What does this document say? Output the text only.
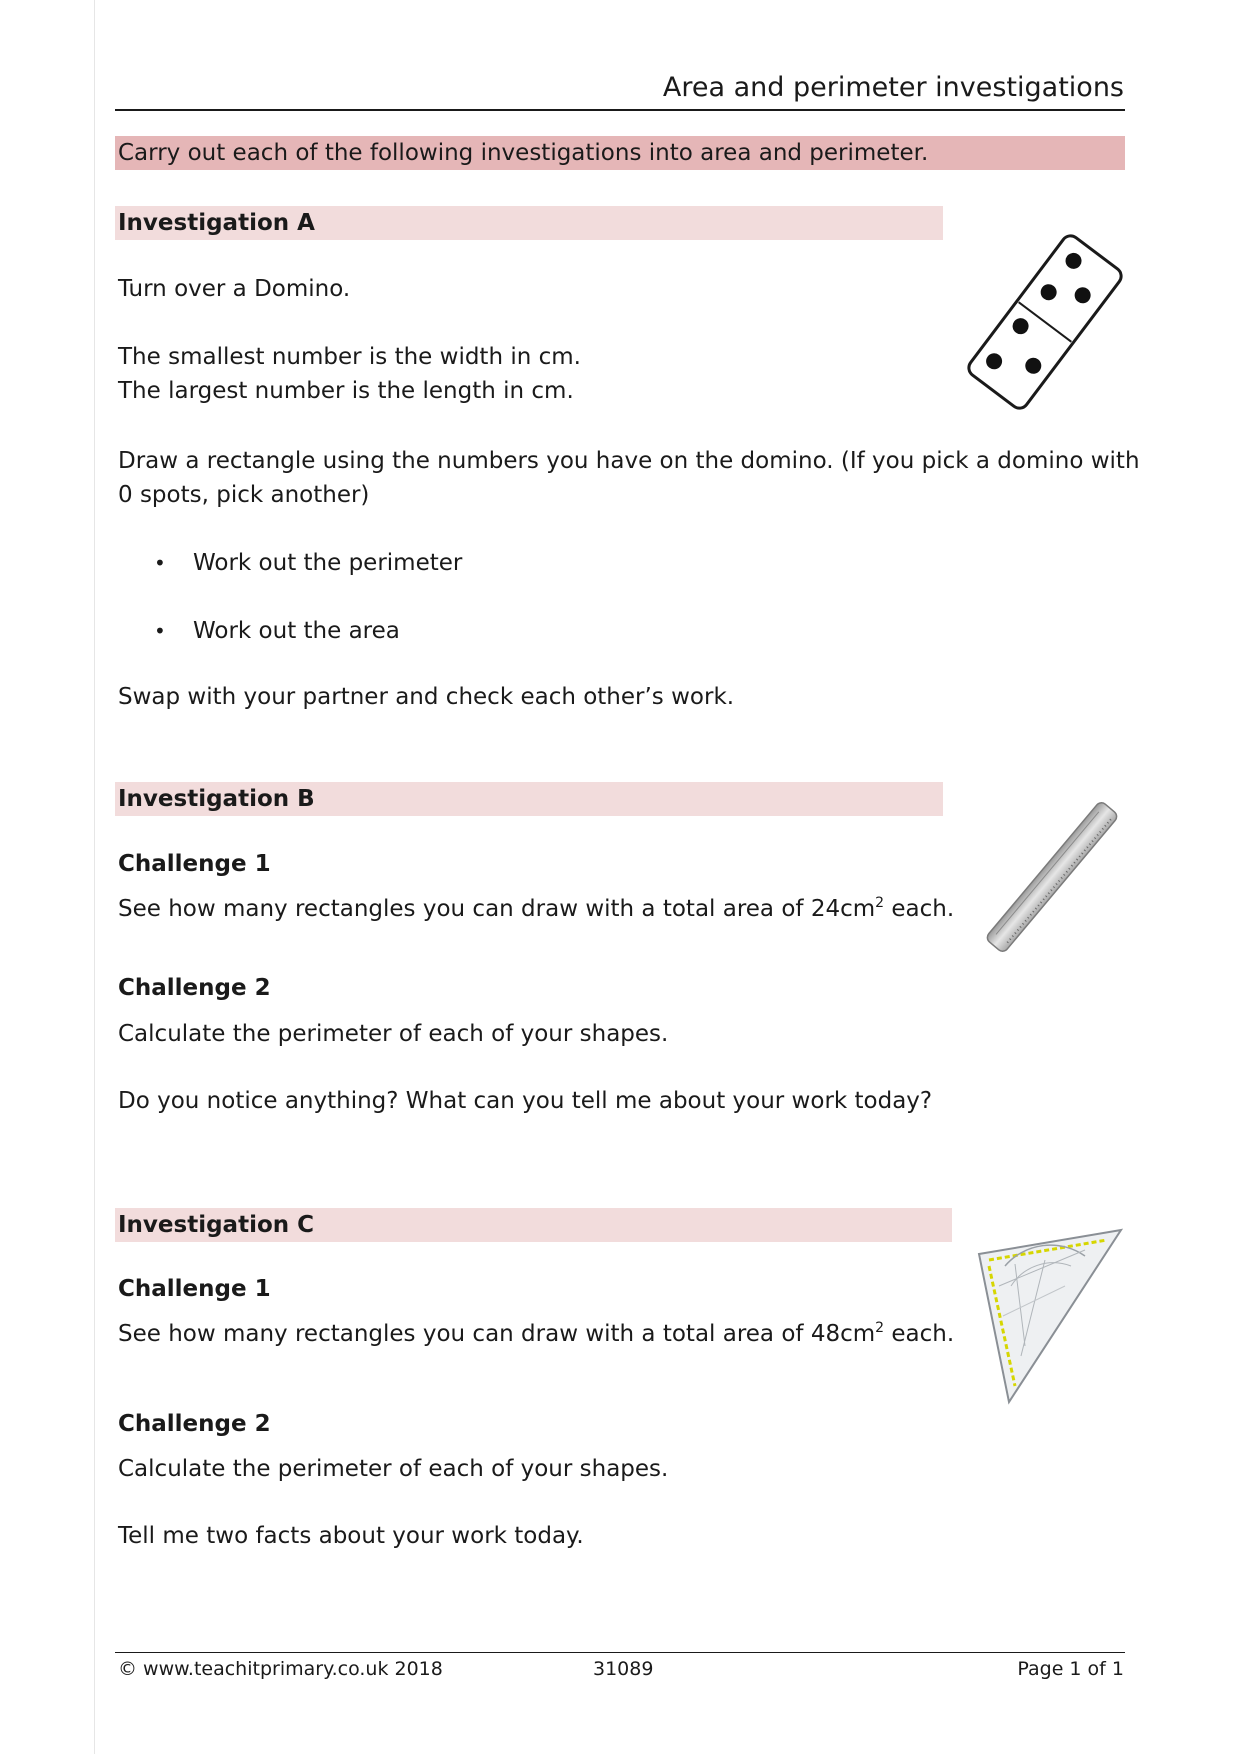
Area and perimeter investigations
Carry out each of the following investigations into area and perimeter.
Investigation A
Turn over a Domino.
The smallest number is the width in cm.
The largest number is the length in cm.
Draw a rectangle using the numbers you have on the domino. (If you pick a domino with
0 spots, pick another)
• Work out the perimeter
• Work out the area
Swap with your partner and check each other’s work.
Investigation B
Challenge 1
See how many rectangles you can draw with a total area of $24cm^2$ each.
Challenge 2
Calculate the perimeter of each of your shapes.
Do you notice anything? What can you tell me about your work today?
Investigation C
Challenge 1
See how many rectangles you can draw with a total area of $48cm^2$ each.
Challenge 2
Calculate the perimeter of each of your shapes.
Tell me two facts about your work today.
© www.teachitprimary.co.uk 2018	31089	Page 1 of 1
